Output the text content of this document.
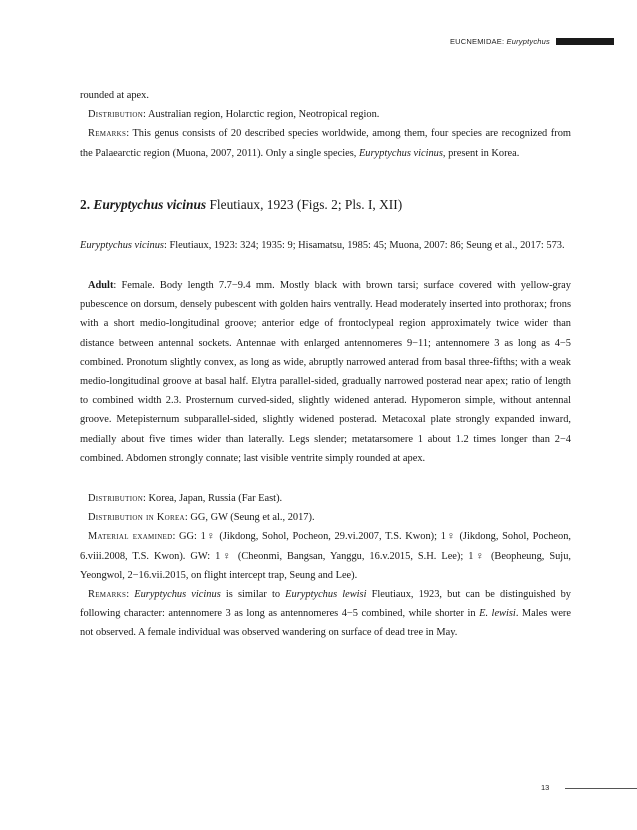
EUCNEMIDAE: Euryptychus

rounded at apex.

Distribution: Australian region, Holarctic region, Neotropical region.

Remarks: This genus consists of 20 described species worldwide, among them, four species are recognized from the Palaearctic region (Muona, 2007, 2011). Only a single species, Euryptychus vicinus, present in Korea.

2. Euryptychus vicinus Fleutiaux, 1923 (Figs. 2; Pls. I, XII)

Euryptychus vicinus: Fleutiaux, 1923: 324; 1935: 9; Hisamatsu, 1985: 45; Muona, 2007: 86; Seung et al., 2017: 573.

Adult: Female. Body length 7.7−9.4 mm. Mostly black with brown tarsi; surface covered with yellow-gray pubescence on dorsum, densely pubescent with golden hairs ventrally. Head moderately inserted into prothorax; frons with a short medio-longitudinal groove; anterior edge of frontoclypeal region approximately twice wider than distance between antennal sockets. Antennae with enlarged antennomeres 9−11; antennomere 3 as long as 4−5 combined. Pronotum slightly convex, as long as wide, abruptly narrowed anterad from basal three-fifths; with a weak medio-longitudinal groove at basal half. Elytra parallel-sided, gradually narrowed posterad near apex; ratio of length to combined width 2.3. Prosternum curved-sided, slightly widened anterad. Hypomeron simple, without antennal groove. Metepisternum subparallel-sided, slightly widened posterad. Metacoxal plate strongly expanded inward, medially about five times wider than laterally. Legs slender; metatarsomere 1 about 1.2 times longer than 2−4 combined. Abdomen strongly connate; last visible ventrite simply rounded at apex.

Distribution: Korea, Japan, Russia (Far East).

Distribution in Korea: GG, GW (Seung et al., 2017).

Material examined: GG: 1♀ (Jikdong, Sohol, Pocheon, 29.vi.2007, T.S. Kwon); 1♀ (Jikdong, Sohol, Pocheon, 6.viii.2008, T.S. Kwon). GW: 1♀ (Cheonmi, Bangsan, Yanggu, 16.v.2015, S.H. Lee); 1♀ (Beopheung, Suju, Yeongwol, 2−16.vii.2015, on flight intercept trap, Seung and Lee).

Remarks: Euryptychus vicinus is similar to Euryptychus lewisi Fleutiaux, 1923, but can be distinguished by following character: antennomere 3 as long as antennomeres 4−5 combined, while shorter in E. lewisi. Males were not observed. A female individual was observed wandering on surface of dead tree in May.

13
